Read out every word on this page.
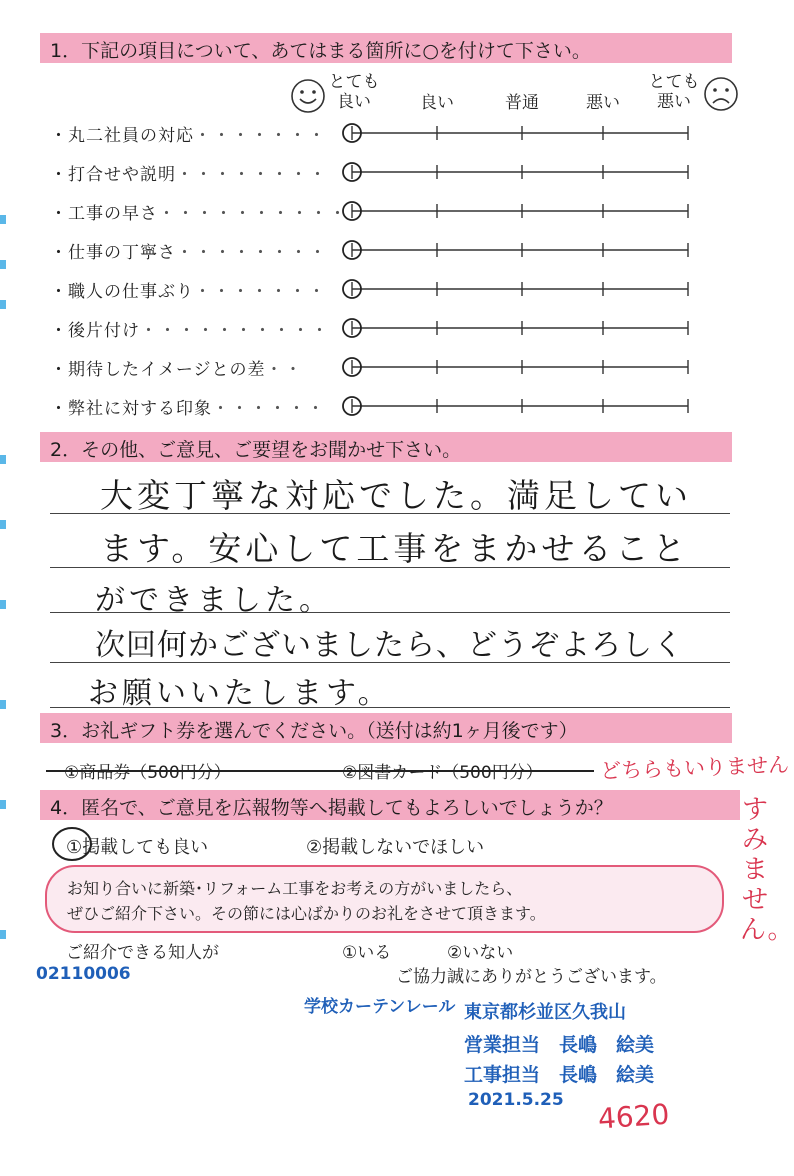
1．下記の項目について、あてはまる箇所に○を付けて下さい。
とても
良い	良い	普通	悪い
とても
悪い
・丸二社員の対応・・・・・・・
・打合せや説明・・・・・・・・
・工事の早さ・・・・・・・・・・
・仕事の丁寧さ・・・・・・・・
・職人の仕事ぶり・・・・・・・
・後片付け・・・・・・・・・・
・期待したイメージとの差・・
・弊社に対する印象・・・・・・
2．その他、ご意見、ご要望をお聞かせ下さい。
大変丁寧な対応でした。満足してい
ます。安心して工事をまかせること
ができました。
次回何かございましたら、どうぞよろしく
お願いいたします。
3．お礼ギフト券を選んでください。（送付は約1ヶ月後です）
①商品券（500円分）	②図書カード（500円分）	どちらもいりません
4．匿名で、ご意見を広報物等へ掲載してもよろしいでしょうか？
①掲載しても良い	②掲載しないでほしい
すみません。
お知り合いに新築･リフォーム工事をお考えの方がいましたら、
ぜひご紹介下さい。その節には心ばかりのお礼をさせて頂きます。
ご紹介できる知人が	①いる	②いない
02110006	ご協力誠にありがとうございます。
学校カーテンレール 東京都杉並区久我山
営業担当　 長嶋　絵美
工事担当　 長嶋　絵美
2021.5.25 4620
